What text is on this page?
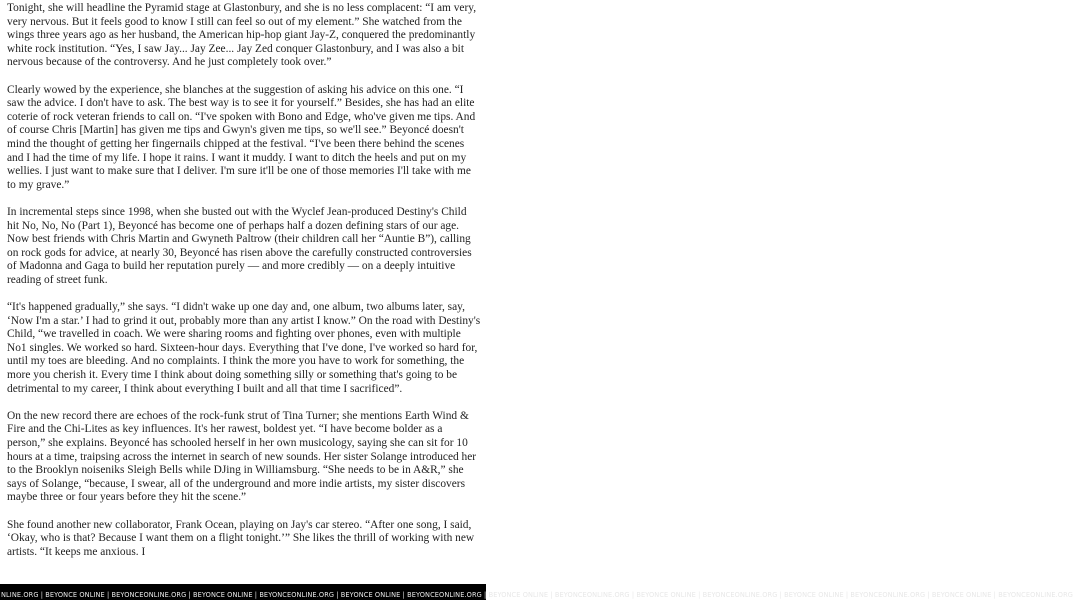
Tonight, she will headline the Pyramid stage at Glastonbury, and she is no less complacent: “I am very, very nervous. But it feels good to know I still can feel so out of my element.” She watched from the wings three years ago as her husband, the American hip-hop giant Jay-Z, conquered the predominantly white rock institution. “Yes, I saw Jay... Jay Zee... Jay Zed conquer Glastonbury, and I was also a bit nervous because of the controversy. And he just completely took over.”

Clearly wowed by the experience, she blanches at the suggestion of asking his advice on this one. “I saw the advice. I don't have to ask. The best way is to see it for yourself.” Besides, she has had an elite coterie of rock veteran friends to call on. “I've spoken with Bono and Edge, who've given me tips. And of course Chris [Martin] has given me tips and Gwyn's given me tips, so we'll see.” Beyoncé doesn't mind the thought of getting her fingernails chipped at the festival. “I've been there behind the scenes and I had the time of my life. I hope it rains. I want it muddy. I want to ditch the heels and put on my wellies. I just want to make sure that I deliver. I'm sure it'll be one of those memories I'll take with me to my grave.”

In incremental steps since 1998, when she busted out with the Wyclef Jean-produced Destiny's Child hit No, No, No (Part 1), Beyoncé has become one of perhaps half a dozen defining stars of our age. Now best friends with Chris Martin and Gwyneth Paltrow (their children call her “Auntie B”), calling on rock gods for advice, at nearly 30, Beyoncé has risen above the carefully constructed controversies of Madonna and Gaga to build her reputation purely — and more credibly — on a deeply intuitive reading of street funk.

“It's happened gradually,” she says. “I didn't wake up one day and, one album, two albums later, say, ‘Now I'm a star.’ I had to grind it out, probably more than any artist I know.” On the road with Destiny's Child, “we travelled in coach. We were sharing rooms and fighting over phones, even with multiple No1 singles. We worked so hard. Sixteen-hour days. Everything that I've done, I've worked so hard for, until my toes are bleeding. And no complaints. I think the more you have to work for something, the more you cherish it. Every time I think about doing something silly or something that's going to be detrimental to my career, I think about everything I built and all that time I sacrificed”.

On the new record there are echoes of the rock-funk strut of Tina Turner; she mentions Earth Wind & Fire and the Chi-Lites as key influences. It's her rawest, boldest yet. “I have become bolder as a person,” she explains. Beyoncé has schooled herself in her own musicology, saying she can sit for 10 hours at a time, traipsing across the internet in search of new sounds. Her sister Solange introduced her to the Brooklyn noiseniks Sleigh Bells while DJing in Williamsburg. “She needs to be in A&R,” she says of Solange, “because, I swear, all of the underground and more indie artists, my sister discovers maybe three or four years before they hit the scene.”

She found another new collaborator, Frank Ocean, playing on Jay's car stereo. “After one song, I said, ‘Okay, who is that? Because I want them on a flight tonight.’” She likes the thrill of working with new artists. “It keeps me anxious. I

NLINE.ORG | BEYONCE ONLINE | BEYONCEONLINE.ORG | BEYONCE ONLINE | BEYONCEONLINE.ORG | BEYONCE ONLINE | BEYONCEONLINE.ORG | BEYONCE ONLINE | BEYONCEONLINE.ORG | BEYONCE ONLINE | BEYONCEONLINE.ORG | BEYONCE ONLINE | BEYONCEONLINE.ORG | BEYONCE ONLINE | BEYONCEONLINE.ORG
